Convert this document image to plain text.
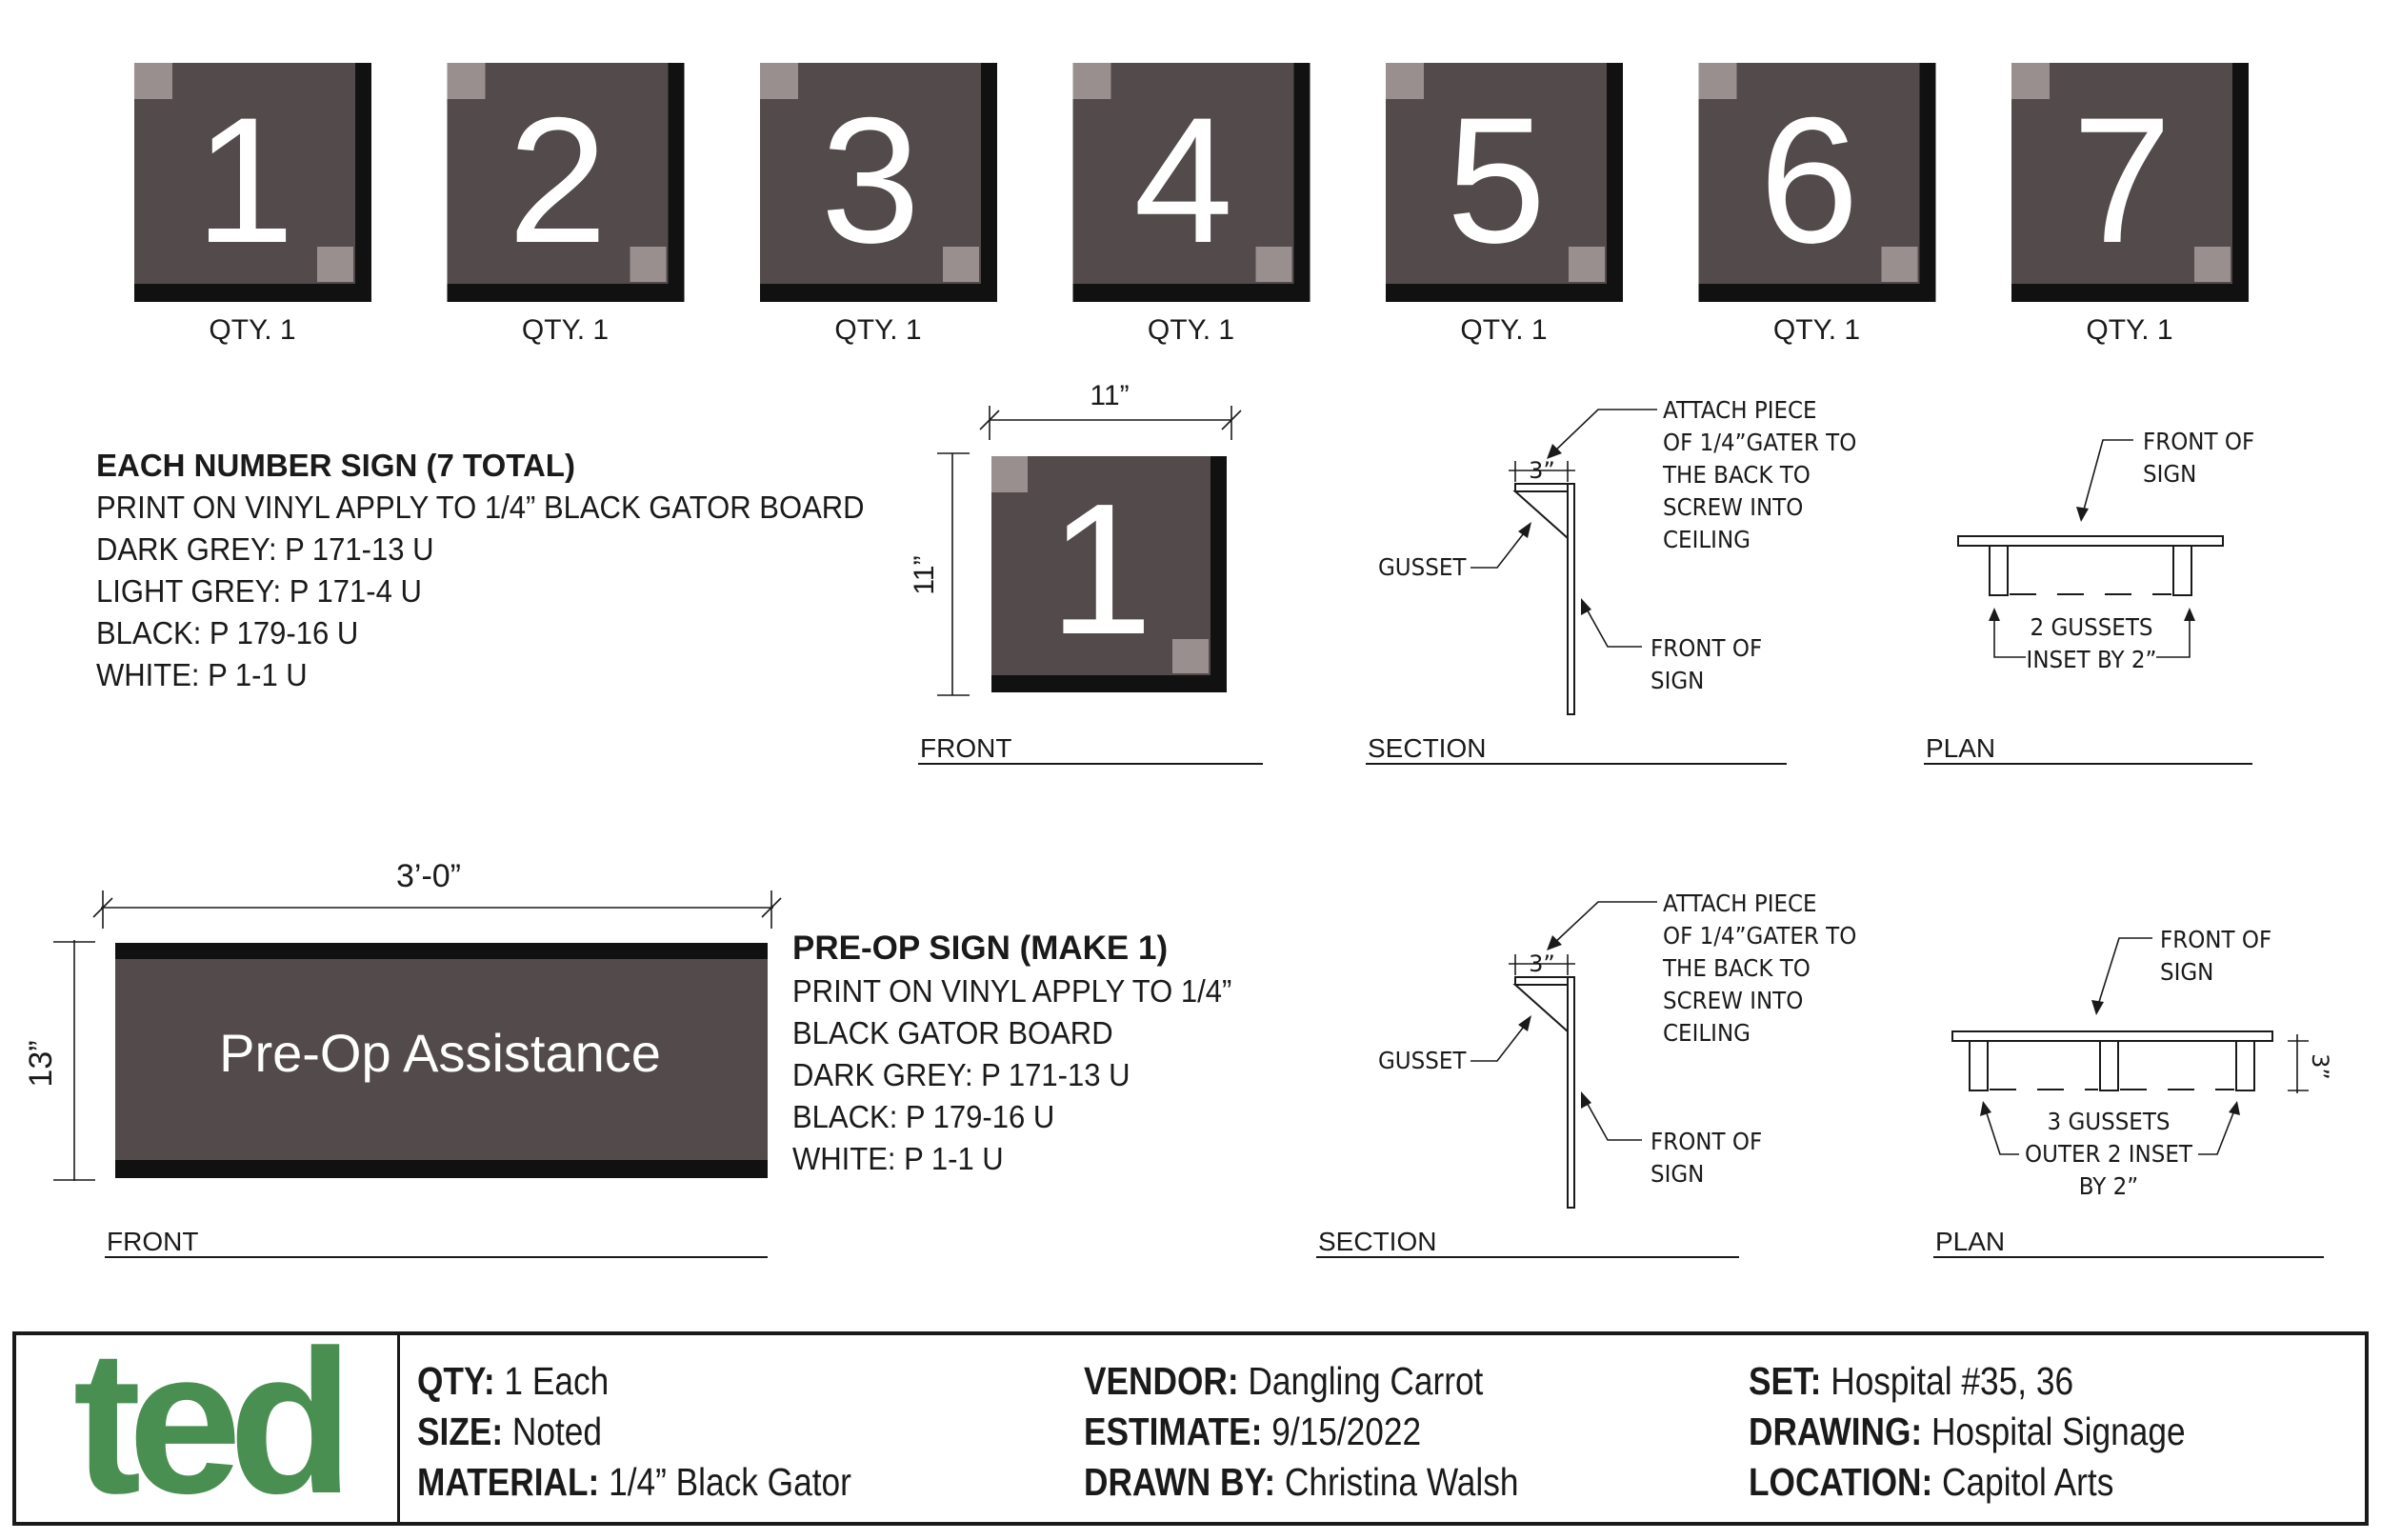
1
QTY. 1
2
QTY. 1
3
QTY. 1
4
QTY. 1
5
QTY. 1
6
QTY. 1
7
QTY. 1
EACH NUMBER SIGN (7 TOTAL)
PRINT ON VINYL APPLY TO 1/4” BLACK GATOR BOARD
DARK GREY: P 171-13 U
LIGHT GREY: P 171-4 U
BLACK: P 179-16 U
WHITE: P 1-1 U
11”
11” 1
FRONT
3”
ATTACH PIECE
OF 1/4”GATER TO
THE BACK TO
SCREW INTO
CEILING
GUSSET
FRONT OF
SIGN
SECTION
FRONT OF
SIGN
2 GUSSETS
INSET BY 2”
PLAN
3’-0”
13”	Pre-Op Assistance
FRONT
PRE-OP SIGN (MAKE 1)
PRINT ON VINYL APPLY TO 1/4”
BLACK GATOR BOARD
DARK GREY: P 171-13 U
BLACK: P 179-16 U
WHITE: P 1-1 U
3”
ATTACH PIECE
OF 1/4”GATER TO
THE BACK TO
SCREW INTO
CEILING
GUSSET
FRONT OF
SIGN
SECTION
3”
FRONT OF
SIGN
3 GUSSETS
OUTER 2 INSET
BY 2”
PLAN
ted QTY: 1 Each
SIZE: Noted
MATERIAL: 1/4” Black Gator
VENDOR: Dangling Carrot
ESTIMATE: 9/15/2022
DRAWN BY: Christina Walsh
SET: Hospital #35, 36
DRAWING: Hospital Signage
LOCATION: Capitol Arts
